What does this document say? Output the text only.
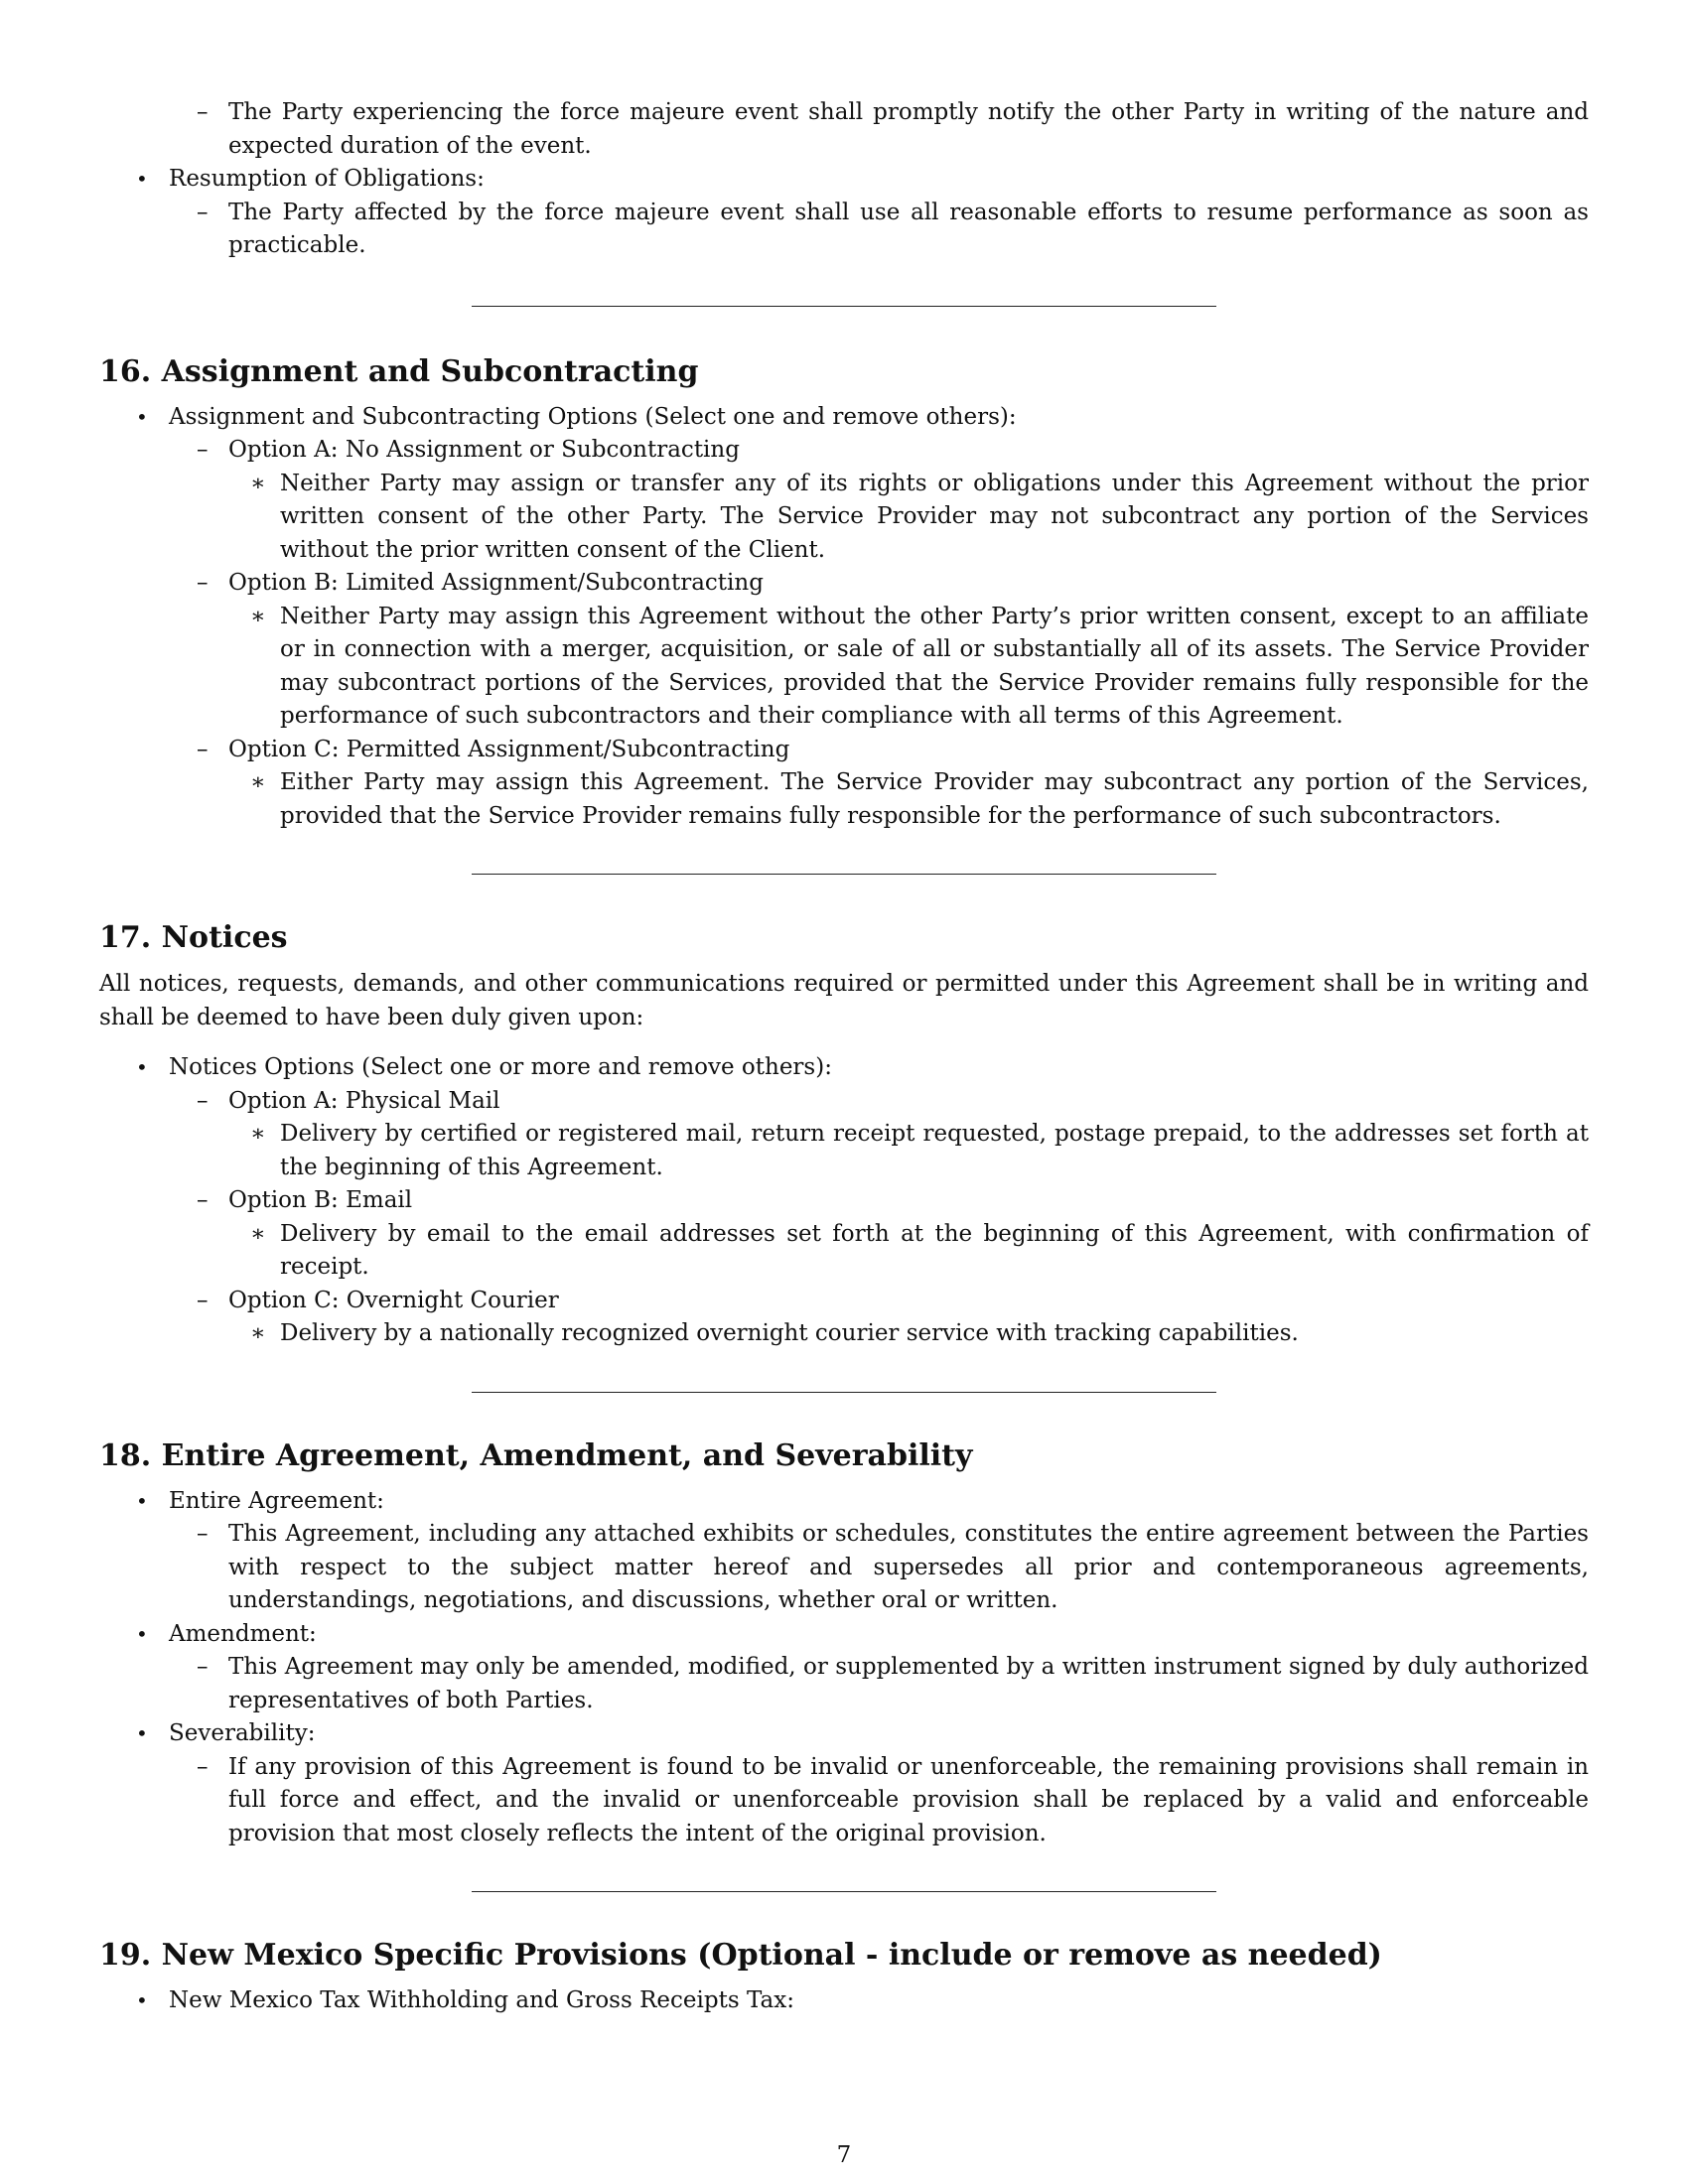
– The Party experiencing the force majeure event shall promptly notify the other Party in writing of the nature and expected duration of the event.
• Resumption of Obligations:
– The Party affected by the force majeure event shall use all reasonable efforts to resume performance as soon as practicable.
16. Assignment and Subcontracting
• Assignment and Subcontracting Options (Select one and remove others):
– Option A: No Assignment or Subcontracting
∗ Neither Party may assign or transfer any of its rights or obligations under this Agreement without the prior written consent of the other Party. The Service Provider may not subcontract any portion of the Services without the prior written consent of the Client.
– Option B: Limited Assignment/Subcontracting
∗ Neither Party may assign this Agreement without the other Party’s prior written consent, except to an affiliate or in connection with a merger, acquisition, or sale of all or substantially all of its assets. The Service Provider may subcontract portions of the Services, provided that the Service Provider remains fully responsible for the performance of such subcontractors and their compliance with all terms of this Agreement.
– Option C: Permitted Assignment/Subcontracting
∗ Either Party may assign this Agreement. The Service Provider may subcontract any portion of the Services, provided that the Service Provider remains fully responsible for the performance of such subcontractors.
17. Notices
All notices, requests, demands, and other communications required or permitted under this Agreement shall be in writing and shall be deemed to have been duly given upon:
• Notices Options (Select one or more and remove others):
– Option A: Physical Mail
∗ Delivery by certified or registered mail, return receipt requested, postage prepaid, to the addresses set forth at the beginning of this Agreement.
– Option B: Email
∗ Delivery by email to the email addresses set forth at the beginning of this Agreement, with confirmation of receipt.
– Option C: Overnight Courier
∗ Delivery by a nationally recognized overnight courier service with tracking capabilities.
18. Entire Agreement, Amendment, and Severability
• Entire Agreement:
– This Agreement, including any attached exhibits or schedules, constitutes the entire agreement between the Parties with respect to the subject matter hereof and supersedes all prior and contemporaneous agreements, understandings, negotiations, and discussions, whether oral or written.
• Amendment:
– This Agreement may only be amended, modified, or supplemented by a written instrument signed by duly authorized representatives of both Parties.
• Severability:
– If any provision of this Agreement is found to be invalid or unenforceable, the remaining provisions shall remain in full force and effect, and the invalid or unenforceable provision shall be replaced by a valid and enforceable provision that most closely reflects the intent of the original provision.
19. New Mexico Specific Provisions (Optional - include or remove as needed)
• New Mexico Tax Withholding and Gross Receipts Tax:
7
